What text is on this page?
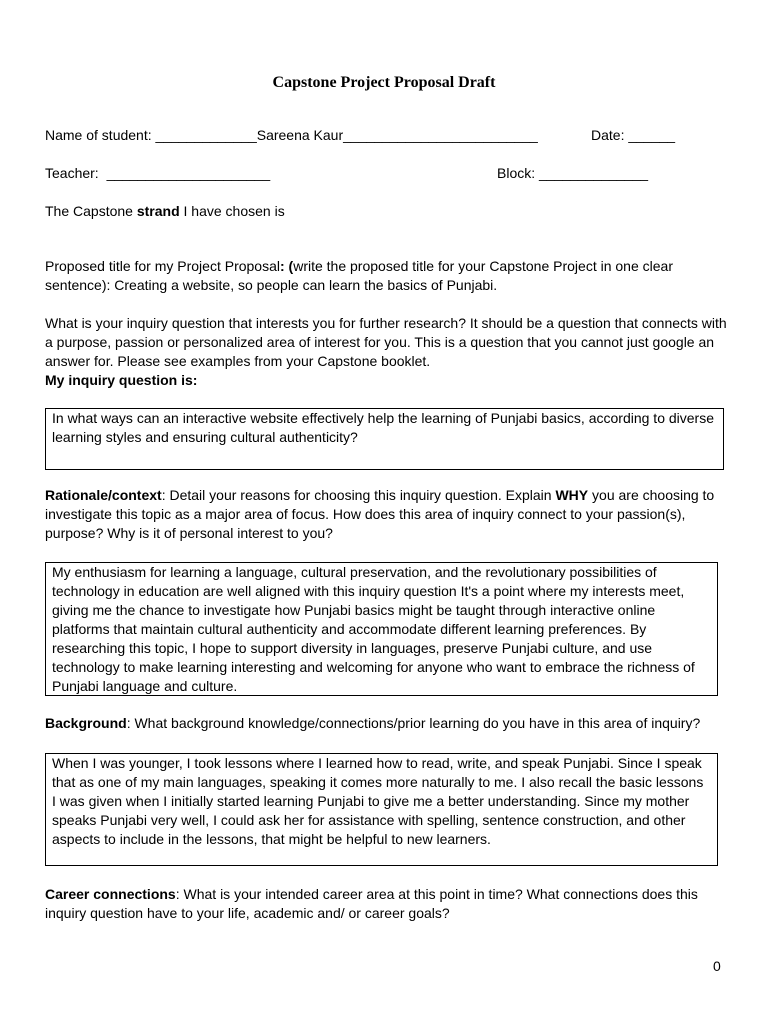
Capstone Project Proposal Draft
Name of student: _____________Sareena Kaur_________________________	Date: ______
Teacher: _____________________	Block: ______________
The Capstone strand I have chosen is

Proposed title for my Project Proposal: (write the proposed title for your Capstone Project in one clear sentence): Creating a website, so people can learn the basics of Punjabi.

What is your inquiry question that interests you for further research? It should be a question that connects with a purpose, passion or personalized area of interest for you. This is a question that you cannot just google an answer for. Please see examples from your Capstone booklet.

My inquiry question is:

In what ways can an interactive website effectively help the learning of Punjabi basics, according to diverse learning styles and ensuring cultural authenticity?

Rationale/context: Detail your reasons for choosing this inquiry question. Explain WHY you are choosing to investigate this topic as a major area of focus. How does this area of inquiry connect to your passion(s), purpose? Why is it of personal interest to you?

My enthusiasm for learning a language, cultural preservation, and the revolutionary possibilities of technology in education are well aligned with this inquiry question It's a point where my interests meet, giving me the chance to investigate how Punjabi basics might be taught through interactive online platforms that maintain cultural authenticity and accommodate different learning preferences. By researching this topic, I hope to support diversity in languages, preserve Punjabi culture, and use technology to make learning interesting and welcoming for anyone who want to embrace the richness of Punjabi language and culture.

Background: What background knowledge/connections/prior learning do you have in this area of inquiry?

When I was younger, I took lessons where I learned how to read, write, and speak Punjabi. Since I speak that as one of my main languages, speaking it comes more naturally to me. I also recall the basic lessons I was given when I initially started learning Punjabi to give me a better understanding. Since my mother speaks Punjabi very well, I could ask her for assistance with spelling, sentence construction, and other aspects to include in the lessons, that might be helpful to new learners.

Career connections: What is your intended career area at this point in time? What connections does this inquiry question have to your life, academic and/ or career goals?

0
